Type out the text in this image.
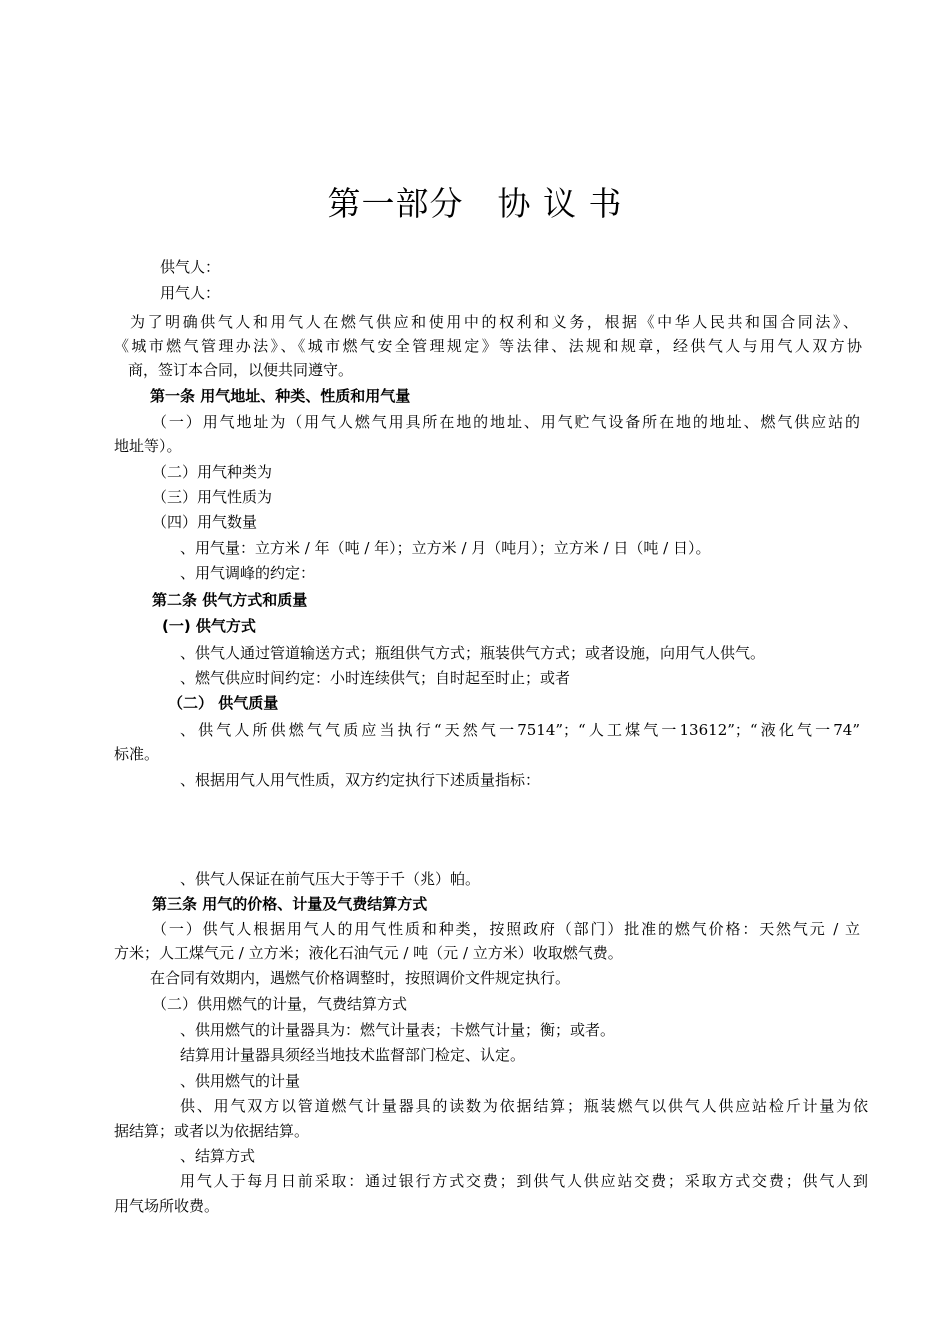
第一部分　协 议 书
供气人：
用气人：
为了明确供气人和用气人在燃气供应和使用中的权利和义务，根据《中华人民共和国合同法》、
《城市燃气管理办法》、《城市燃气安全管理规定》等法律、法规和规章，经供气人与用气人双方协
商，签订本合同，以便共同遵守。
第一条 用气地址、种类、性质和用气量
（一）用气地址为（用气人燃气用具所在地的地址、用气贮气设备所在地的地址、燃气供应站的
地址等）。
（二）用气种类为
（三）用气性质为
（四）用气数量
、用气量：立方米 / 年（吨 / 年）；立方米 / 月（吨月）；立方米 / 日（吨 / 日）。
、用气调峰的约定：
第二条 供气方式和质量
(一) 供气方式
、供气人通过管道输送方式；瓶组供气方式；瓶装供气方式；或者设施，向用气人供气。
、燃气供应时间约定：小时连续供气；自时起至时止；或者
（二） 供气质量
、供气人所供燃气气质应当执行“天然气一7514”；“人工煤气一13612”；“液化气一74”
标准。
、根据用气人用气性质，双方约定执行下述质量指标：
、供气人保证在前气压大于等于千（兆）帕。
第三条 用气的价格、计量及气费结算方式
（一）供气人根据用气人的用气性质和种类，按照政府（部门）批准的燃气价格：天然气元 / 立
方米；人工煤气元 / 立方米；液化石油气元 / 吨（元 / 立方米）收取燃气费。
在合同有效期内，遇燃气价格调整时，按照调价文件规定执行。
（二）供用燃气的计量，气费结算方式
、供用燃气的计量器具为：燃气计量表；卡燃气计量；衡；或者。
结算用计量器具须经当地技术监督部门检定、认定。
、供用燃气的计量
供、用气双方以管道燃气计量器具的读数为依据结算；瓶装燃气以供气人供应站检斤计量为依
据结算；或者以为依据结算。
、结算方式
用气人于每月日前采取：通过银行方式交费；到供气人供应站交费；采取方式交费；供气人到
用气场所收费。
